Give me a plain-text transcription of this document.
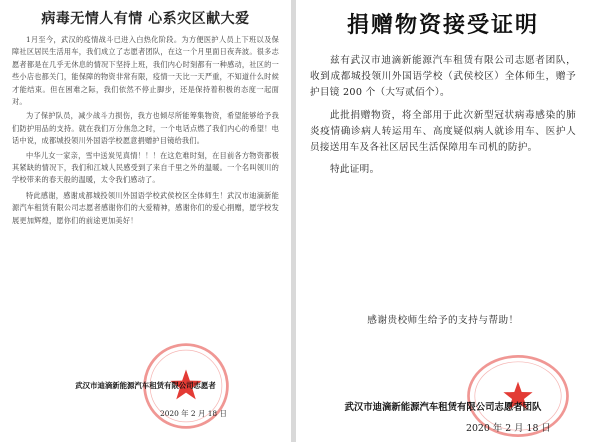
病毒无情人有情 心系灾区献大爱

1月至今，武汉的疫情战斗已进入白热化阶段。为方便医护人员上下班以及保障社区居民生活用车，我们成立了志愿者团队，在这一个月里面日夜奔波。很多志愿者都是在几乎无休息的情况下坚持上班，我们内心时刻都有一种感动，社区的一些小店也都关门，能保障的物资非常有限，疫情一天比一天严重，不知道什么时候才能结束。但在困难之际，我们依然不停止脚步，还是保持着积极的态度一起面对。

为了保护队员，减少战斗力损伤，我方也倾尽所能筹集物资，希望能够给予我们防护用品的支持。就在我们万分焦急之时，一个电话点燃了我们内心的希望！电话中说，成都城投领川外国语学校愿意捐赠护目镜给我们。

中华儿女一家亲，雪中送炭见真情！！！在这危难时刻，在目前各方物资都极其紧缺的情况下，我们和江城人民感受到了来自千里之外的温暖。一个名叫领川的学校带来的春天般的温暖，太令我们感动了。

特此感谢，感谢成都城投领川外国语学校武侯校区全体师生！武汉市迪滴新能源汽车租赁有限公司志愿者感谢你们的大爱精神，感谢你们的爱心捐赠，愿学校发展更加辉煌，愿你们的前途更加美好！

武汉市迪滴新能源汽车租赁有限公司志愿者
2020 年 2 月 18 日
捐赠物资接受证明

兹有武汉市迪滴新能源汽车租赁有限公司志愿者团队，收到成都城投领川外国语学校（武侯校区）全体师生，赠予护目镜 200 个（大写贰佰个）。

此批捐赠物资，将全部用于此次新型冠状病毒感染的肺炎疫情确诊病人转运用车、高度疑似病人就诊用车、医护人员接送用车及各社区居民生活保障用车司机的防护。

特此证明。

感谢贵校师生给予的支持与帮助！
武汉市迪滴新能源汽车租赁有限公司志愿者团队
2020 年 2 月 18 日
